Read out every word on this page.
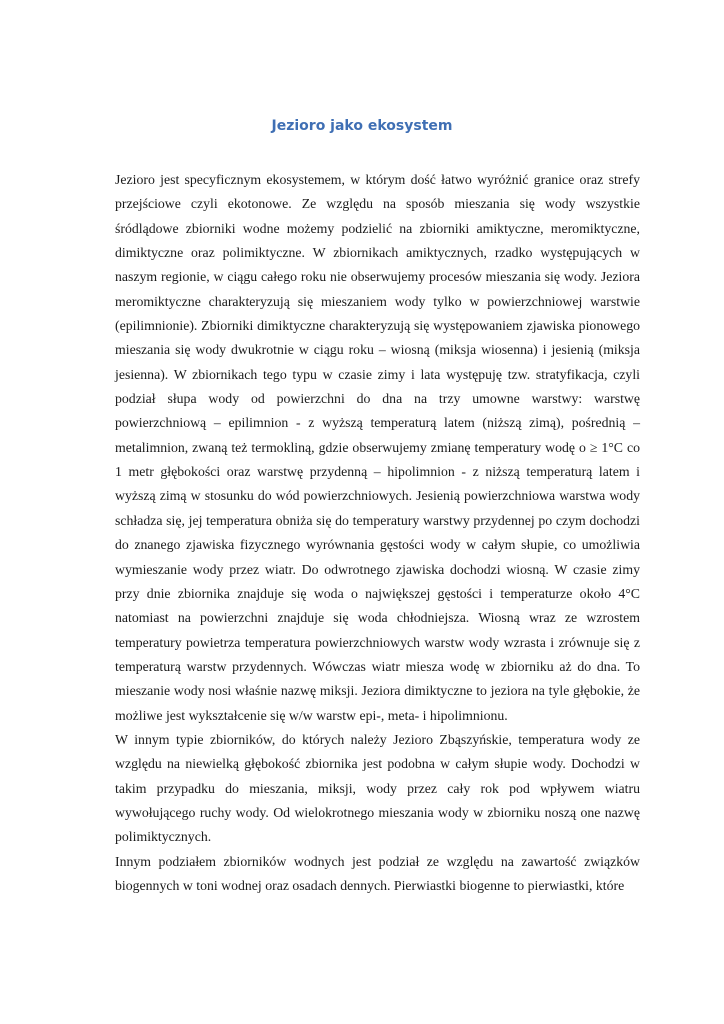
Jezioro jako ekosystem

Jezioro jest specyficznym ekosystemem, w którym dość łatwo wyróżnić granice oraz strefy przejściowe czyli ekotonowe. Ze względu na sposób mieszania się wody wszystkie śródlądowe zbiorniki wodne możemy podzielić na zbiorniki amiktyczne, meromiktyczne, dimiktyczne oraz polimiktyczne. W zbiornikach amiktycznych, rzadko występujących w naszym regionie, w ciągu całego roku nie obserwujemy procesów mieszania się wody. Jeziora meromiktyczne charakteryzują się mieszaniem wody tylko w powierzchniowej warstwie (epilimnionie). Zbiorniki dimiktyczne charakteryzują się występowaniem zjawiska pionowego mieszania się wody dwukrotnie w ciągu roku – wiosną (miksja wiosenna) i jesienią (miksja jesienna). W zbiornikach tego typu w czasie zimy i lata występuję tzw. stratyfikacja, czyli podział słupa wody od powierzchni do dna na trzy umowne warstwy: warstwę powierzchniową – epilimnion - z wyższą temperaturą latem (niższą zimą), pośrednią – metalimnion, zwaną też termokliną, gdzie obserwujemy zmianę temperatury wodę o ≥ 1°C co 1 metr głębokości oraz warstwę przydenną – hipolimnion - z niższą temperaturą latem i wyższą zimą w stosunku do wód powierzchniowych. Jesienią powierzchniowa warstwa wody schładza się, jej temperatura obniża się do temperatury warstwy przydennej po czym dochodzi do znanego zjawiska fizycznego wyrównania gęstości wody w całym słupie, co umożliwia wymieszanie wody przez wiatr. Do odwrotnego zjawiska dochodzi wiosną. W czasie zimy przy dnie zbiornika znajduje się woda o największej gęstości i temperaturze około 4°C natomiast na powierzchni znajduje się woda chłodniejsza. Wiosną wraz ze wzrostem temperatury powietrza temperatura powierzchniowych warstw wody wzrasta i zrównuje się z temperaturą warstw przydennych. Wówczas wiatr miesza wodę w zbiorniku aż do dna. To mieszanie wody nosi właśnie nazwę miksji. Jeziora dimiktyczne to jeziora na tyle głębokie, że możliwe jest wykształcenie się w/w warstw epi-, meta- i hipolimnionu.

W innym typie zbiorników, do których należy Jezioro Zbąszyńskie, temperatura wody ze względu na niewielką głębokość zbiornika jest podobna w całym słupie wody. Dochodzi w takim przypadku do mieszania, miksji, wody przez cały rok pod wpływem wiatru wywołującego ruchy wody. Od wielokrotnego mieszania wody w zbiorniku noszą one nazwę polimiktycznych.

Innym podziałem zbiorników wodnych jest podział ze względu na zawartość związków biogennych w toni wodnej oraz osadach dennych. Pierwiastki biogenne to pierwiastki, które
